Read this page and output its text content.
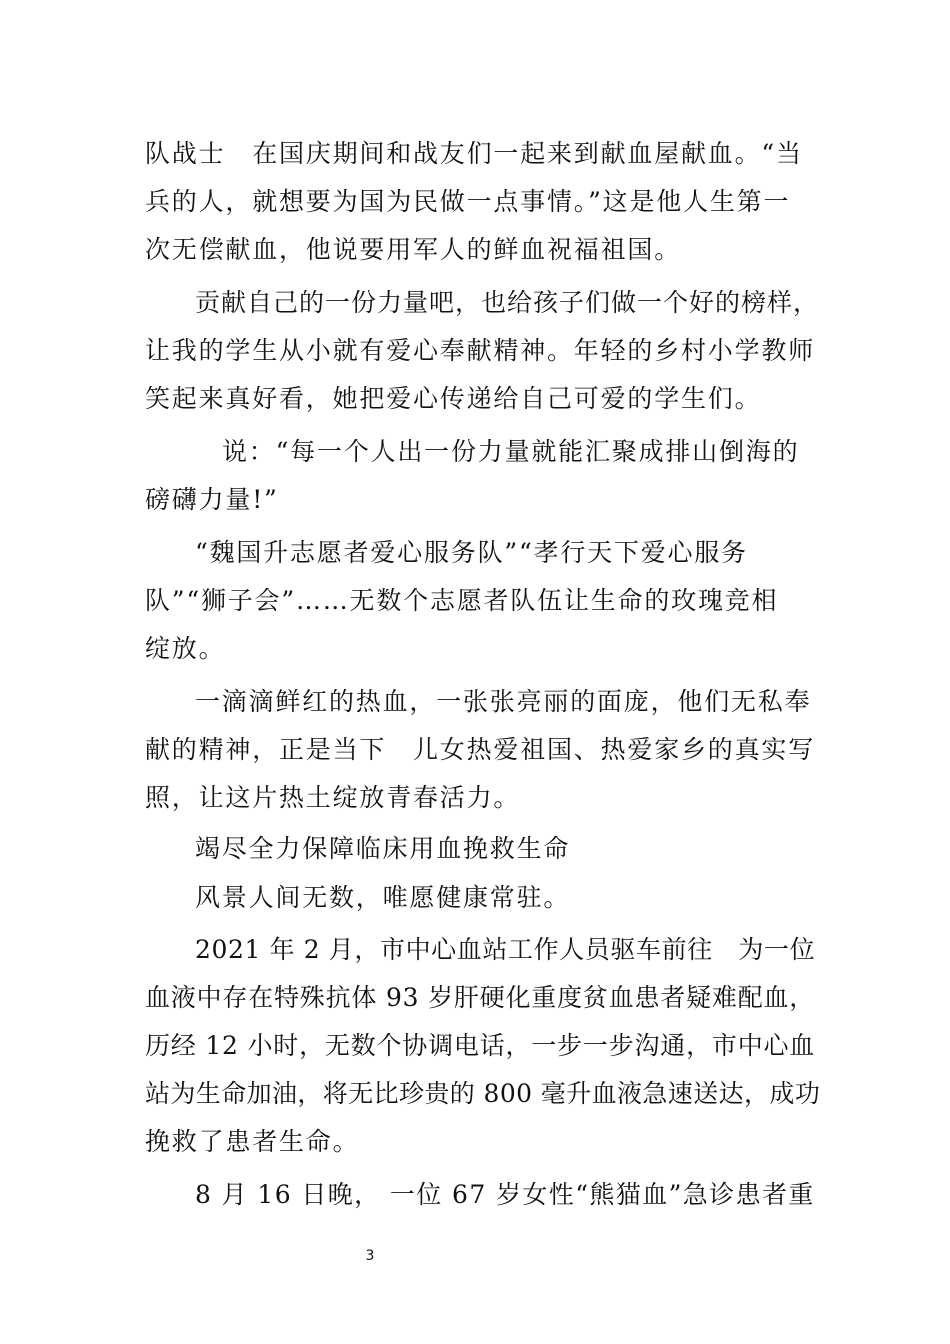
队战士　在国庆期间和战友们一起来到献血屋献血。“当
兵的人，就想要为国为民做一点事情。”这是他人生第一
次无偿献血，他说要用军人的鲜血祝福祖国。
贡献自己的一份力量吧，也给孩子们做一个好的榜样，
让我的学生从小就有爱心奉献精神。年轻的乡村小学教师
笑起来真好看，她把爱心传递给自己可爱的学生们。
说：“每一个人出一份力量就能汇聚成排山倒海的
磅礴力量!”
“魏国升志愿者爱心服务队”“孝行天下爱心服务
队”“狮子会”……无数个志愿者队伍让生命的玫瑰竞相
绽放。
一滴滴鲜红的热血，一张张亮丽的面庞，他们无私奉
献的精神，正是当下　儿女热爱祖国、热爱家乡的真实写
照，让这片热土绽放青春活力。
竭尽全力保障临床用血挽救生命
风景人间无数，唯愿健康常驻。
2021 年 2 月，市中心血站工作人员驱车前往　为一位
血液中存在特殊抗体 93 岁肝硬化重度贫血患者疑难配血，
历经 12 小时，无数个协调电话，一步一步沟通，市中心血
站为生命加油，将无比珍贵的 800 毫升血液急速送达，成功
挽救了患者生命。
8 月 16 日晚， 一位 67 岁女性“熊猫血”急诊患者重
3
